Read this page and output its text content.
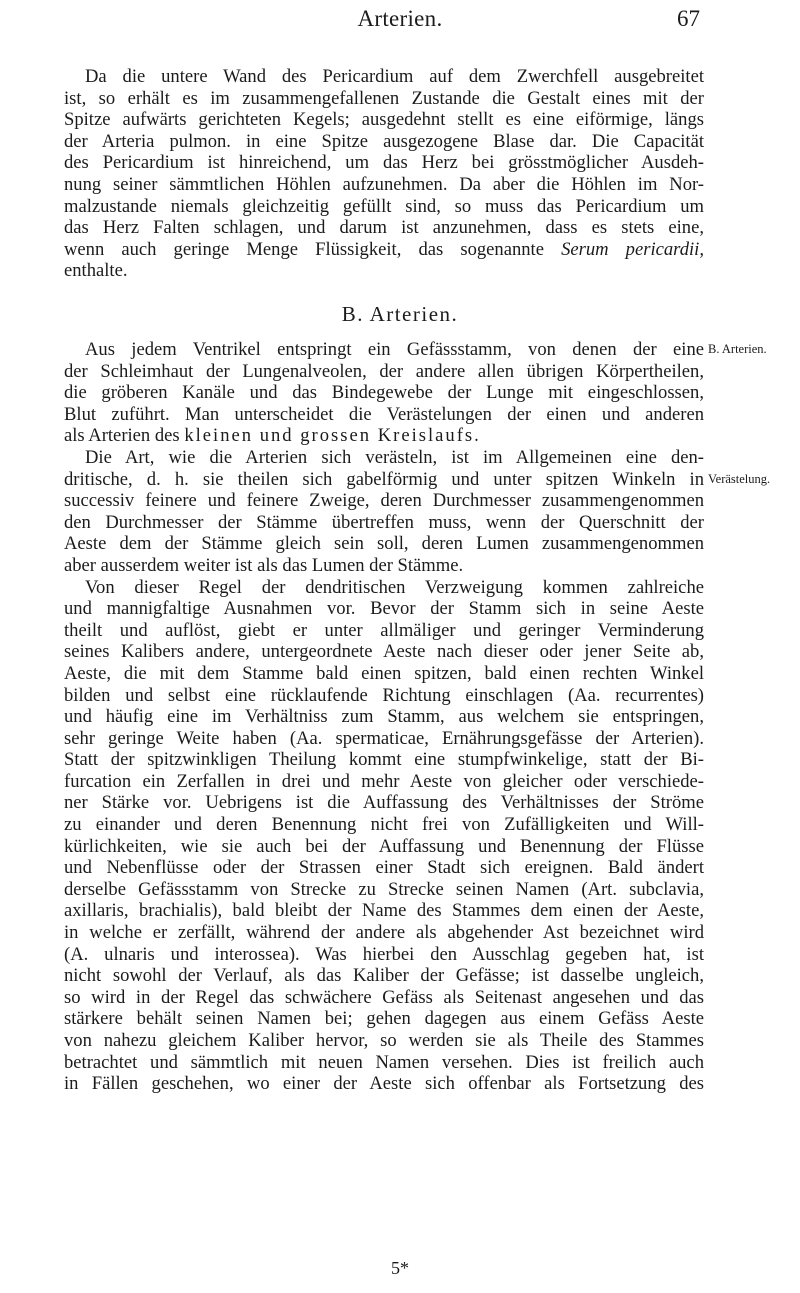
Arterien.	67
Da die untere Wand des Pericardium auf dem Zwerchfell ausgebreitet
ist, so erhält es im zusammengefallenen Zustande die Gestalt eines mit der
Spitze aufwärts gerichteten Kegels; ausgedehnt stellt es eine eiförmige, längs
der Arteria pulmon. in eine Spitze ausgezogene Blase dar. Die Capacität
des Pericardium ist hinreichend, um das Herz bei grösstmöglicher Ausdeh-
nung seiner sämmtlichen Höhlen aufzunehmen. Da aber die Höhlen im Nor-
malzustande niemals gleichzeitig gefüllt sind, so muss das Pericardium um
das Herz Falten schlagen, und darum ist anzunehmen, dass es stets eine,
wenn auch geringe Menge Flüssigkeit, das sogenannte Serum pericardii,
enthalte.
B. Arterien.
B. Arterien.
Verästelung.
Aus jedem Ventrikel entspringt ein Gefässstamm, von denen der eine
der Schleimhaut der Lungenalveolen, der andere allen übrigen Körpertheilen,
die gröberen Kanäle und das Bindegewebe der Lunge mit eingeschlossen,
Blut zuführt. Man unterscheidet die Verästelungen der einen und anderen
als Arterien des kleinen und grossen Kreislaufs.
Die Art, wie die Arterien sich verästeln, ist im Allgemeinen eine den-
dritische, d. h. sie theilen sich gabelförmig und unter spitzen Winkeln in
successiv feinere und feinere Zweige, deren Durchmesser zusammengenommen
den Durchmesser der Stämme übertreffen muss, wenn der Querschnitt der
Aeste dem der Stämme gleich sein soll, deren Lumen zusammengenommen
aber ausserdem weiter ist als das Lumen der Stämme.
Von dieser Regel der dendritischen Verzweigung kommen zahlreiche
und mannigfaltige Ausnahmen vor. Bevor der Stamm sich in seine Aeste
theilt und auflöst, giebt er unter allmäliger und geringer Verminderung
seines Kalibers andere, untergeordnete Aeste nach dieser oder jener Seite ab,
Aeste, die mit dem Stamme bald einen spitzen, bald einen rechten Winkel
bilden und selbst eine rücklaufende Richtung einschlagen (Aa. recurrentes)
und häufig eine im Verhältniss zum Stamm, aus welchem sie entspringen,
sehr geringe Weite haben (Aa. spermaticae, Ernährungsgefässe der Arterien).
Statt der spitzwinkligen Theilung kommt eine stumpfwinkelige, statt der Bi-
furcation ein Zerfallen in drei und mehr Aeste von gleicher oder verschiede-
ner Stärke vor. Uebrigens ist die Auffassung des Verhältnisses der Ströme
zu einander und deren Benennung nicht frei von Zufälligkeiten und Will-
kürlichkeiten, wie sie auch bei der Auffassung und Benennung der Flüsse
und Nebenflüsse oder der Strassen einer Stadt sich ereignen. Bald ändert
derselbe Gefässstamm von Strecke zu Strecke seinen Namen (Art. subclavia,
axillaris, brachialis), bald bleibt der Name des Stammes dem einen der Aeste,
in welche er zerfällt, während der andere als abgehender Ast bezeichnet wird
(A. ulnaris und interossea). Was hierbei den Ausschlag gegeben hat, ist
nicht sowohl der Verlauf, als das Kaliber der Gefässe; ist dasselbe ungleich,
so wird in der Regel das schwächere Gefäss als Seitenast angesehen und das
stärkere behält seinen Namen bei; gehen dagegen aus einem Gefäss Aeste
von nahezu gleichem Kaliber hervor, so werden sie als Theile des Stammes
betrachtet und sämmtlich mit neuen Namen versehen. Dies ist freilich auch
in Fällen geschehen, wo einer der Aeste sich offenbar als Fortsetzung des
5*
